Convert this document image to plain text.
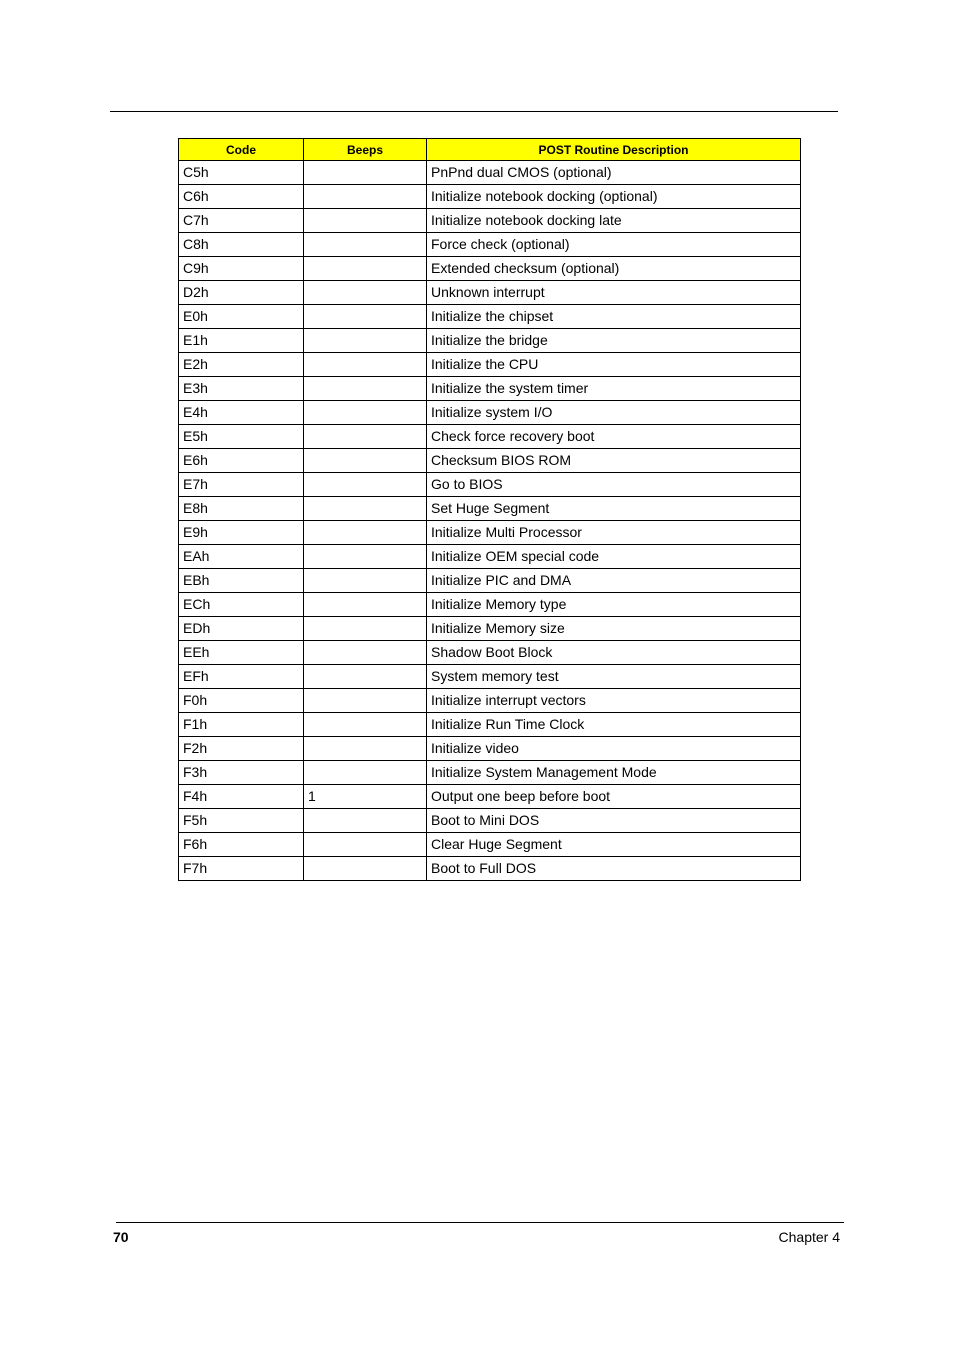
Code	Beeps	POST Routine Description
C5h		PnPnd dual CMOS (optional)
C6h		Initialize notebook docking (optional)
C7h		Initialize notebook docking late
C8h		Force check (optional)
C9h		Extended checksum (optional)
D2h		Unknown interrupt
E0h		Initialize the chipset
E1h		Initialize the bridge
E2h		Initialize the CPU
E3h		Initialize the system timer
E4h		Initialize system I/O
E5h		Check force recovery boot
E6h		Checksum BIOS ROM
E7h		Go to BIOS
E8h		Set Huge Segment
E9h		Initialize Multi Processor
EAh		Initialize OEM special code
EBh		Initialize PIC and DMA
ECh		Initialize Memory type
EDh		Initialize Memory size
EEh		Shadow Boot Block
EFh		System memory test
F0h		Initialize interrupt vectors
F1h		Initialize Run Time Clock
F2h		Initialize video
F3h		Initialize System Management Mode
F4h	1	Output one beep before boot
F5h		Boot to Mini DOS
F6h		Clear Huge Segment
F7h		Boot to Full DOS
70	Chapter 4
